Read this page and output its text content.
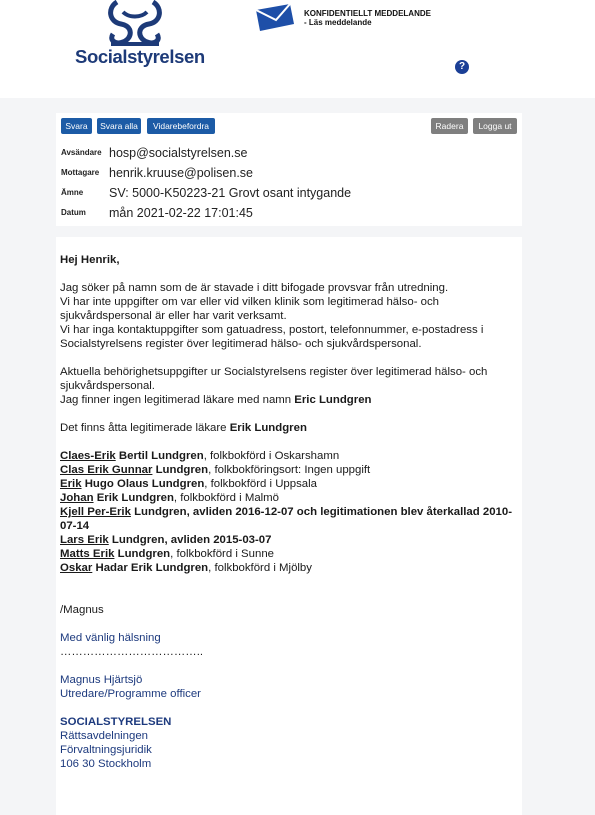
Socialstyrelsen
KONFIDENTIELLT MEDDELANDE
- Läs meddelande
?
Svara	Svara alla	Vidarebefordra	Radera	Logga ut
Avsändare hosp@socialstyrelsen.se
Mottagare henrik.kruuse@polisen.se
Ämne SV: 5000-K50223-21 Grovt osant intygande
Datum mån 2021-02-22 17:01:45

Hej Henrik,

Jag söker på namn som de är stavade i ditt bifogade provsvar från utredning.

Vi har inte uppgifter om var eller vid vilken klinik som legitimerad hälso- och sjukvårdspersonal är eller har varit verksamt.

Vi har inga kontaktuppgifter som gatuadress, postort, telefonnummer, e-postadress i Socialstyrelsens register över legitimerad hälso- och sjukvårdspersonal.

Aktuella behörighetsuppgifter ur Socialstyrelsens register över legitimerad hälso- och sjukvårdspersonal.

Jag finner ingen legitimerad läkare med namn Eric Lundgren

Det finns åtta legitimerade läkare Erik Lundgren

Claes-Erik Bertil Lundgren, folkbokförd i Oskarshamn

Clas Erik Gunnar Lundgren, folkbokföringsort: Ingen uppgift

Erik Hugo Olaus Lundgren, folkbokförd i Uppsala

Johan Erik Lundgren, folkbokförd i Malmö

Kjell Per-Erik Lundgren, avliden 2016-12-07 och legitimationen blev återkallad 2010-07-14

Lars Erik Lundgren, avliden 2015-03-07

Matts Erik Lundgren, folkbokförd i Sunne

Oskar Hadar Erik Lundgren, folkbokförd i Mjölby

/Magnus

Med vänlig hälsning

………………………………..

Magnus Hjärtsjö

Utredare/Programme officer

SOCIALSTYRELSEN

Rättsavdelningen

Förvaltningsjuridik

106 30 Stockholm
